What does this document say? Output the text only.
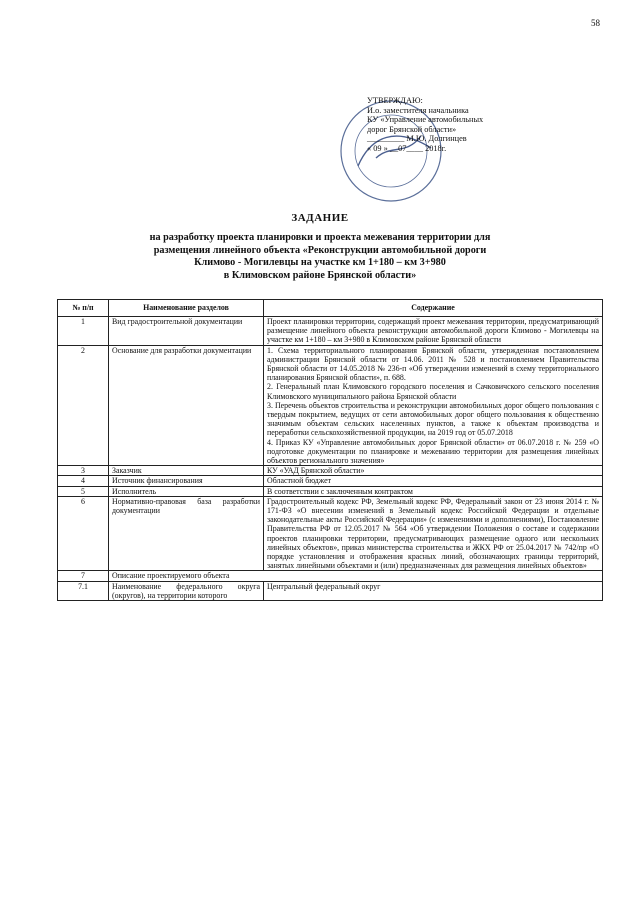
58
УТВЕРЖДАЮ:
И.о. заместителя начальника
КУ «Управление автомобильных
дорог Брянской области»
_________ М.Ю. Долгинцев
« 09 » __07____ 2018г.
ЗАДАНИЕ
на разработку проекта планировки и проекта межевания территории для
размещения линейного объекта «Реконструкции автомобильной дороги
Климово - Могилевцы на участке км 1+180 – км 3+980
в Климовском районе Брянской области»
№ п/п	Наименование разделов	Содержание
1	Вид градостроительной документации	Проект планировки территории, содержащий проект межевания территории, предусматривающий размещение линейного объекта реконструкции автомобильной дороги Климово - Могилевцы на участке км 1+180 – км 3+980 в Климовском районе Брянской области

2	Основание для разработки документации	1. Схема территориального планирования Брянской области, утвержденная постановлением администрации Брянской области от 14.06. 2011 № 528 и постановлением Правительства Брянской области от 14.05.2018 № 236-п «Об утверждении изменений в схему территориального планирования Брянской области», п. 688.

2. Генеральный план Климовского городского поселения и Сачковичского сельского поселения Климовского муниципального района Брянской области

3. Перечень объектов строительства и реконструкции автомобильных дорог общего пользования с твердым покрытием, ведущих от сети автомобильных дорог общего пользования к общественно значимым объектам сельских населенных пунктов, а также к объектам производства и переработки сельскохозяйственной продукции, на 2019 год от 05.07.2018

4. Приказ КУ «Управление автомобильных дорог Брянской области» от 06.07.2018 г. № 259 «О подготовке документации по планировке и межеванию территории для размещения линейных объектов регионального значения»

3	Заказчик	КУ «УАД Брянской области»

4	Источник финансирования	Областной бюджет

5	Исполнитель	В соответствии с заключенным контрактом

6	Нормативно-правовая база разработки документации	Градостроительный кодекс РФ, Земельный кодекс РФ, Федеральный закон от 23 июня 2014 г. № 171-ФЗ «О внесении изменений в Земельный кодекс Российской Федерации и отдельные законодательные акты Российской Федерации» (с изменениями и дополнениями), Постановление Правительства РФ от 12.05.2017 № 564 «Об утверждении Положения о составе и содержании проектов планировки территории, предусматривающих размещение одного или нескольких линейных объектов», приказ министерства строительства и ЖКХ РФ от 25.04.2017 № 742/пр «О порядке установления и отображения красных линий, обозначающих границы территорий, занятых линейными объектами и (или) предназначенных для размещения линейных объектов»

7	Описание проектируемого объекта	
7.1	Наименование федерального округа (округов), на территории которого	Центральный федеральный округ
